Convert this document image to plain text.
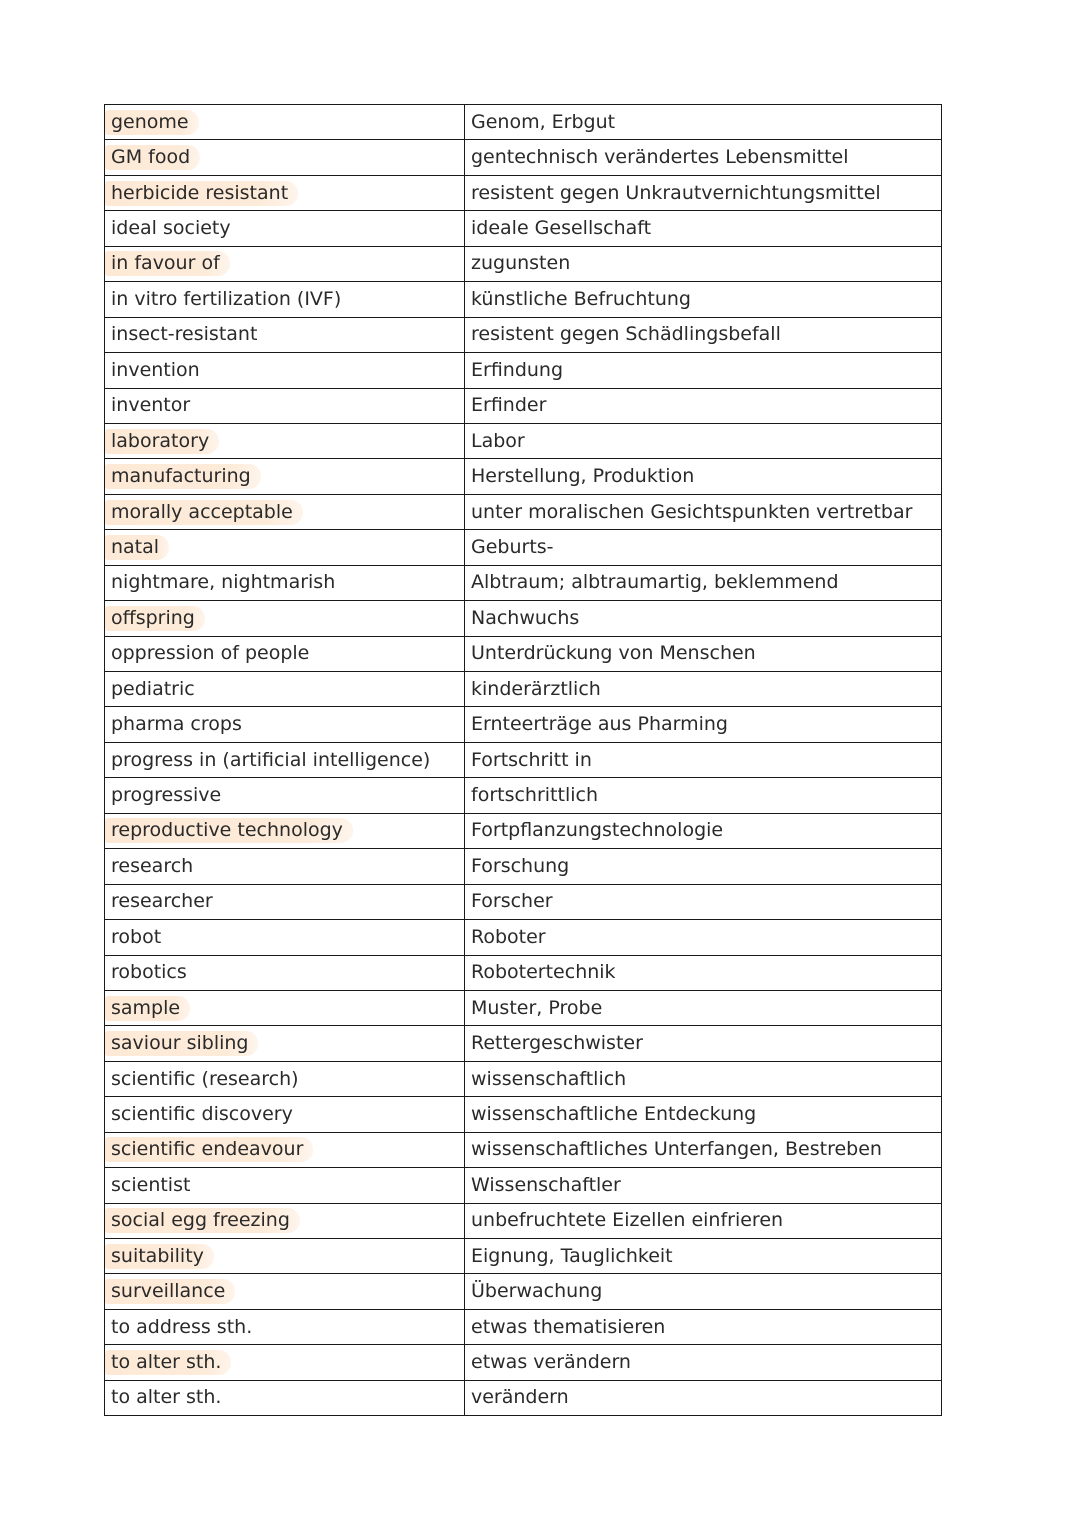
genome	Genom, Erbgut
GM food	gentechnisch verändertes Lebensmittel
herbicide resistant	resistent gegen Unkrautvernichtungsmittel
ideal society	ideale Gesellschaft
in favour of	zugunsten
in vitro fertilization (IVF)	künstliche Befruchtung
insect-resistant	resistent gegen Schädlingsbefall
invention	Erfindung
inventor	Erfinder
laboratory	Labor
manufacturing	Herstellung, Produktion
morally acceptable	unter moralischen Gesichtspunkten vertretbar
natal	Geburts-
nightmare, nightmarish	Albtraum; albtraumartig, beklemmend
offspring	Nachwuchs
oppression of people	Unterdrückung von Menschen
pediatric	kinderärztlich
pharma crops	Ernteerträge aus Pharming
progress in (artificial intelligence)	Fortschritt in
progressive	fortschrittlich
reproductive technology	Fortpflanzungstechnologie
research	Forschung
researcher	Forscher
robot	Roboter
robotics	Robotertechnik
sample	Muster, Probe
saviour sibling	Rettergeschwister
scientific (research)	wissenschaftlich
scientific discovery	wissenschaftliche Entdeckung
scientific endeavour	wissenschaftliches Unterfangen, Bestreben
scientist	Wissenschaftler
social egg freezing	unbefruchtete Eizellen einfrieren
suitability	Eignung, Tauglichkeit
surveillance	Überwachung
to address sth.	etwas thematisieren
to alter sth.	etwas verändern
to alter sth.	verändern
